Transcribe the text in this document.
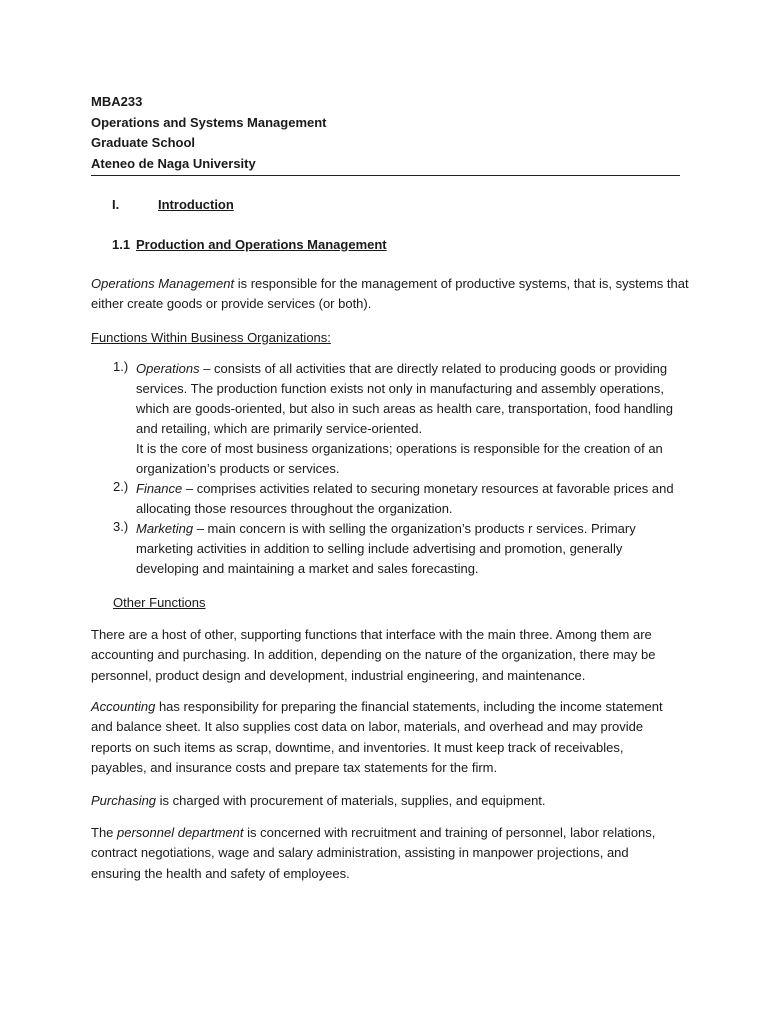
MBA233
Operations and Systems Management
Graduate School
Ateneo de Naga University
I.	Introduction
1.1 Production and Operations Management

Operations Management is responsible for the management of productive systems, that is, systems that

either create goods or provide services (or both).

Functions Within Business Organizations:
1.) Operations – consists of all activities that are directly related to producing goods or providing

services. The production function exists not only in manufacturing and assembly operations,

which are goods-oriented, but also in such areas as health care, transportation, food handling

and retailing, which are primarily service-oriented.

It is the core of most business organizations; operations is responsible for the creation of an

organization’s products or services.

2.) Finance – comprises activities related to securing monetary resources at favorable prices and

allocating those resources throughout the organization.

3.) Marketing – main concern is with selling the organization’s products r services. Primary

marketing activities in addition to selling include advertising and promotion, generally

developing and maintaining a market and sales forecasting.

Other Functions

There are a host of other, supporting functions that interface with the main three. Among them are

accounting and purchasing. In addition, depending on the nature of the organization, there may be

personnel, product design and development, industrial engineering, and maintenance.

Accounting has responsibility for preparing the financial statements, including the income statement

and balance sheet. It also supplies cost data on labor, materials, and overhead and may provide

reports on such items as scrap, downtime, and inventories. It must keep track of receivables,

payables, and insurance costs and prepare tax statements for the firm.

Purchasing is charged with procurement of materials, supplies, and equipment.

The personnel department is concerned with recruitment and training of personnel, labor relations,

contract negotiations, wage and salary administration, assisting in manpower projections, and

ensuring the health and safety of employees.
